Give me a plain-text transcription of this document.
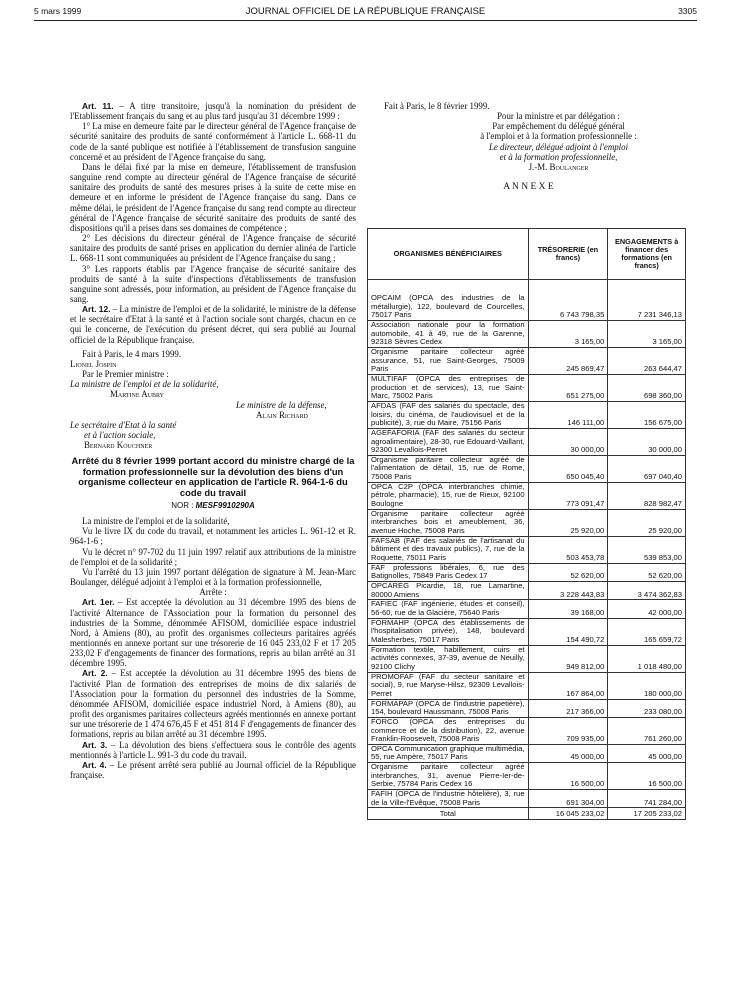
5 mars 1999	JOURNAL OFFICIEL DE LA RÉPUBLIQUE FRANÇAISE	3305

Art. 11. – A titre transitoire, jusqu'à la nomination du président de l'Etablissement français du sang et au plus tard jusqu'au 31 décembre 1999 :

1° La mise en demeure faite par le directeur général de l'Agence française de sécurité sanitaire des produits de santé conformément à l'article L. 668-11 du code de la santé publique est notifiée à l'établissement de transfusion sanguine concerné et au président de l'Agence française du sang.

Dans le délai fixé par la mise en demeure, l'établissement de transfusion sanguine rend compte au directeur général de l'Agence française de sécurité sanitaire des produits de santé des mesures prises à la suite de cette mise en demeure et en informe le président de l'Agence française du sang. Dans ce même délai, le président de l'Agence française du sang rend compte au directeur général de l'Agence française de sécurité sanitaire des produits de santé des dispositions qu'il a prises dans ses domaines de compétence ;

2° Les décisions du directeur général de l'Agence française de sécurité sanitaire des produits de santé prises en application du dernier alinéa de l'article L. 668-11 sont communiquées au président de l'Agence française du sang ;

3° Les rapports établis par l'Agence française de sécurité sanitaire des produits de santé à la suite d'inspections d'établissements de transfusion sanguine sont adressés, pour information, au président de l'Agence française du sang.

Art. 12. – La ministre de l'emploi et de la solidarité, le ministre de la défense et le secrétaire d'Etat à la santé et à l'action sociale sont chargés, chacun en ce qui le concerne, de l'exécution du présent décret, qui sera publié au Journal officiel de la République française.

Fait à Paris, le 4 mars 1999.

Lionel Jospin

Par le Premier ministre :

La ministre de l'emploi et de la solidarité,

Martine Aubry

Le ministre de la défense,

Alain Richard

Le secrétaire d'Etat à la santé

et à l'action sociale,

Bernard Kouchner

Arrêté du 8 février 1999 portant accord du ministre chargé de la formation professionnelle sur la dévolution des biens d'un organisme collecteur en application de l'article R. 964-1-6 du code du travail

NOR : MESF9910290A

La ministre de l'emploi et de la solidarité,

Vu le livre IX du code du travail, et notamment les articles L. 961-12 et R. 964-1-6 ;

Vu le décret n° 97-702 du 11 juin 1997 relatif aux attributions de la ministre de l'emploi et de la solidarité ;

Vu l'arrêté du 13 juin 1997 portant délégation de signature à M. Jean-Marc Boulanger, délégué adjoint à l'emploi et à la formation professionnelle,

Arrête :

Art. 1er. – Est acceptée la dévolution au 31 décembre 1995 des biens de l'activité Alternance de l'Association pour la formation du personnel des industries de la Somme, dénommée AFISOM, domiciliée espace industriel Nord, à Amiens (80), au profit des organismes collecteurs paritaires agréés mentionnés en annexe portant sur une trésorerie de 16 045 233,02 F et 17 205 233,02 F d'engagements de financer des formations, repris au bilan arrêté au 31 décembre 1995.

Art. 2. – Est acceptée la dévolution au 31 décembre 1995 des biens de l'activité Plan de formation des entreprises de moins de dix salariés de l'Association pour la formation du personnel des industries de la Somme, dénommée AFISOM, domiciliée espace industriel Nord, à Amiens (80), au profit des organismes paritaires collecteurs agréés mentionnés en annexe portant sur une trésorerie de 1 474 676,45 F et 451 814 F d'engagements de financer des formations, repris au bilan arrêté au 31 décembre 1995.

Art. 3. – La dévolution des biens s'effectuera sous le contrôle des agents mentionnés à l'article L. 991-3 du code du travail.

Art. 4. – Le présent arrêté sera publié au Journal officiel de la République française.

Fait à Paris, le 8 février 1999.

Pour la ministre et par délégation :

Par empêchement du délégué général

à l'emploi et à la formation professionnelle :

Le directeur, délégué adjoint à l'emploi

et à la formation professionnelle,

J.-M. Boulanger

A N N E X E

ORGANISMES BÉNÉFICIAIRES	TRÉSORERIE (en francs)	ENGAGEMENTS à financer des formations (en francs)
OPCAIM (OPCA des industries de la métallurgie), 122, boulevard de Courcelles, 75017 Paris	6 743 798,35	7 231 346,13
Association nationale pour la formation automobile, 41 à 49, rue de la Garenne, 92318 Sèvres Cedex	3 165,00	3 165,00
Organisme paritaire collecteur agréé assurance, 51, rue Saint-Georges, 75009 Paris	245 869,47	263 644,47
MULTIFAF (OPCA des entreprises de production et de services), 13, rue Saint-Marc, 75002 Paris	651 275,00	698 360,00
AFDAS (FAF des salariés du spectacle, des loisirs, du cinéma, de l'audiovisuel et de la publicité), 3, rue du Maire, 75156 Paris	146 111,00	156 675,00
AGEFAFORIA (FAF des salariés du secteur agroalimentaire), 28-30, rue Edouard-Vaillant, 92300 Levallois-Perret	30 000,00	30 000,00
Organisme paritaire collecteur agréé de l'alimentation de détail, 15, rue de Rome, 75008 Paris	650 045,40	697 040,40
OPCA C2P (OPCA interbranches chimie, pétrole, pharmacie), 15, rue de Rieux, 92100 Boulogne	773 091,47	828 982,47
Organisme paritaire collecteur agréé interbranches bois et ameublement, 36, avenue Hoche, 75008 Paris	25 920,00	25 920,00
FAFSAB (FAF des salariés de l'artisanat du bâtiment et des travaux publics), 7, rue de la Roquette, 75011 Paris	503 453,78	539 853,00
FAF professions libérales, 6, rue des Batignolles, 75849 Paris Cedex 17	52 620,00	52 620,00
OPCAREG Picardie, 18, rue Lamartine, 80000 Amiens	3 228 443,83	3 474 362,83
FAFIEC (FAF ingénierie, études et conseil), 56-60, rue de la Glacière, 75640 Paris	39 168,00	42 000,00
FORMAHP (OPCA des établissements de l'hospitalisation privée), 148, boulevard Malesherbes, 75017 Paris	154 490,72	165 659,72
Formation textile, habillement, cuirs et activités connexes, 37-39, avenue de Neuilly, 92100 Clichy	949 812,00	1 018 480,00
PROMOFAF (FAF du secteur sanitaire et social), 9, rue Maryse-Hilsz, 92309 Levallois-Perret	167 864,00	180 000,00
FORMAPAP (OPCA de l'industrie papetière), 154, boulevard Haussmann, 75008 Paris	217 366,00	233 080,00
FORCO (OPCA des entreprises du commerce et de la distribution), 22, avenue Franklin-Roosevelt, 75008 Paris	709 935,00	761 260,00
OPCA Communication graphique multimédia, 55, rue Ampère, 75017 Paris	45 000,00	45 000,00
Organisme paritaire collecteur agréé interbranches, 31, avenue Pierre-Ier-de-Serbie, 75784 Paris Cedex 16	16 500,00	16 500,00
FAFIH (OPCA de l'industrie hôtelière), 3, rue de la Ville-l'Evêque, 75008 Paris	691 304,00	741 284,00
Total	16 045 233,02	17 205 233,02
